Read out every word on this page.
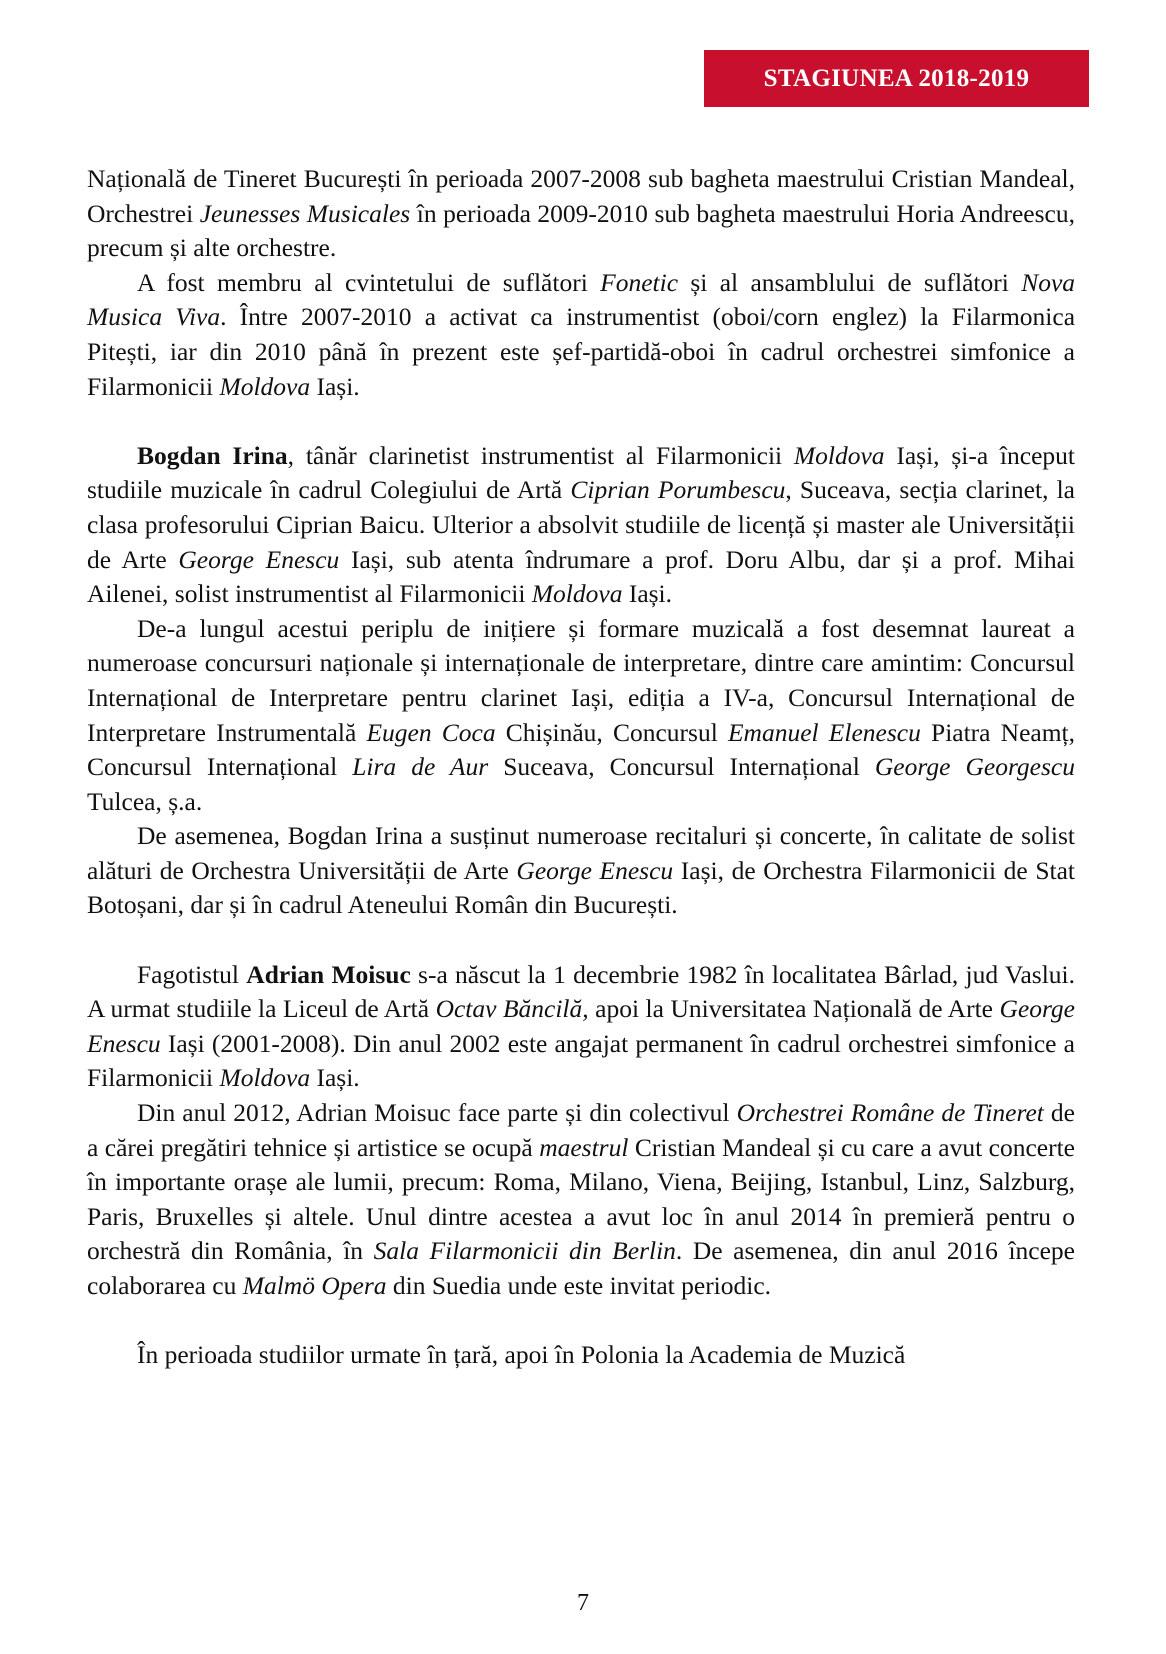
STAGIUNEA 2018-2019

Națională de Tineret București în perioada 2007-2008 sub bagheta maestrului Cristian Mandeal, Orchestrei Jeunesses Musicales în perioada 2009-2010 sub bagheta maestrului Horia Andreescu, precum și alte orchestre.

A fost membru al cvintetului de suflători Fonetic și al ansamblului de suflători Nova Musica Viva. Între 2007-2010 a activat ca instrumentist (oboi/corn englez) la Filarmonica Pitești, iar din 2010 până în prezent este șef-partidă-oboi în cadrul orchestrei simfonice a Filarmonicii Moldova Iași.

Bogdan Irina, tânăr clarinetist instrumentist al Filarmonicii Moldova Iași, și-a început studiile muzicale în cadrul Colegiului de Artă Ciprian Porumbescu, Suceava, secția clarinet, la clasa profesorului Ciprian Baicu. Ulterior a absolvit studiile de licență și master ale Universității de Arte George Enescu Iași, sub atenta îndrumare a prof. Doru Albu, dar și a prof. Mihai Ailenei, solist instrumentist al Filarmonicii Moldova Iași.

De-a lungul acestui periplu de inițiere și formare muzicală a fost desemnat laureat a numeroase concursuri naționale și internaționale de interpretare, dintre care amintim: Concursul Internațional de Interpretare pentru clarinet Iași, ediția a IV-a, Concursul Internațional de Interpretare Instrumentală Eugen Coca Chișinău, Concursul Emanuel Elenescu Piatra Neamț, Concursul Internațional Lira de Aur Suceava, Concursul Internațional George Georgescu Tulcea, ș.a.

De asemenea, Bogdan Irina a susținut numeroase recitaluri și concerte, în calitate de solist alături de Orchestra Universității de Arte George Enescu Iași, de Orchestra Filarmonicii de Stat Botoșani, dar și în cadrul Ateneului Român din București.

Fagotistul Adrian Moisuc s-a născut la 1 decembrie 1982 în localitatea Bârlad, jud Vaslui. A urmat studiile la Liceul de Artă Octav Băncilă, apoi la Universitatea Națională de Arte George Enescu Iași (2001-2008). Din anul 2002 este angajat permanent în cadrul orchestrei simfonice a Filarmonicii Moldova Iași.

Din anul 2012, Adrian Moisuc face parte și din colectivul Orchestrei Române de Tineret de a cărei pregătiri tehnice și artistice se ocupă maestrul Cristian Mandeal și cu care a avut concerte în importante orașe ale lumii, precum: Roma, Milano, Viena, Beijing, Istanbul, Linz, Salzburg, Paris, Bruxelles și altele. Unul dintre acestea a avut loc în anul 2014 în premieră pentru o orchestră din România, în Sala Filarmonicii din Berlin. De asemenea, din anul 2016 începe colaborarea cu Malmö Opera din Suedia unde este invitat periodic.

În perioada studiilor urmate în țară, apoi în Polonia la Academia de Muzică

7
